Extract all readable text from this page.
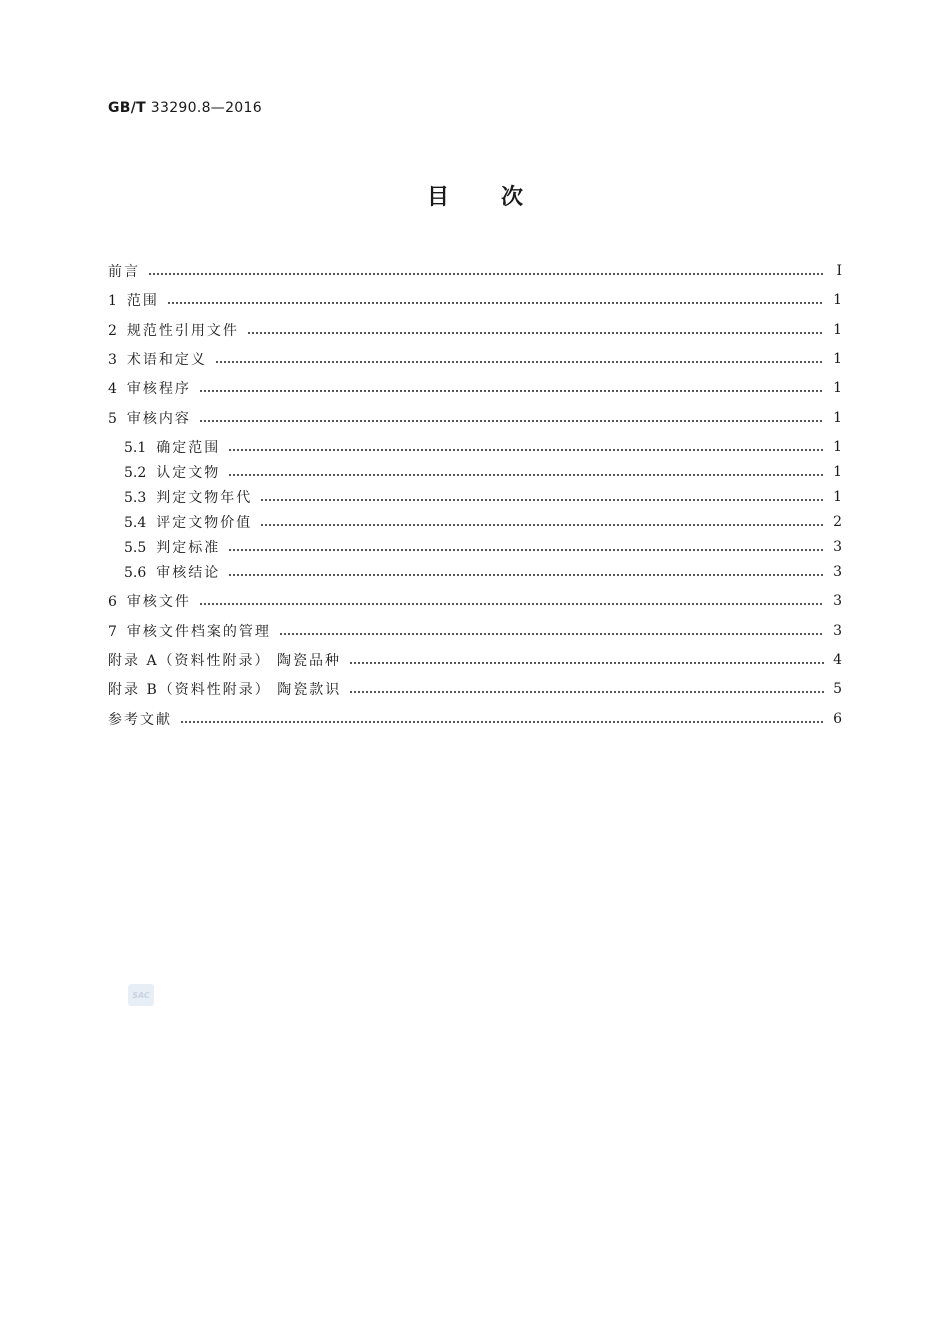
GB/T 33290.8—2016
目 次
前言	Ⅰ
1 范围	1
2 规范性引用文件	1
3 术语和定义	1
4 审核程序	1
5 审核内容	1
5.1 确定范围	1
5.2 认定文物	1
5.3 判定文物年代	1
5.4 评定文物价值	2
5.5 判定标准	3
5.6 审核结论	3
6 审核文件	3
7 审核文件档案的管理	3
附录 A（资料性附录） 陶瓷品种	4
附录 B（资料性附录） 陶瓷款识	5
参考文献	6
SAC
